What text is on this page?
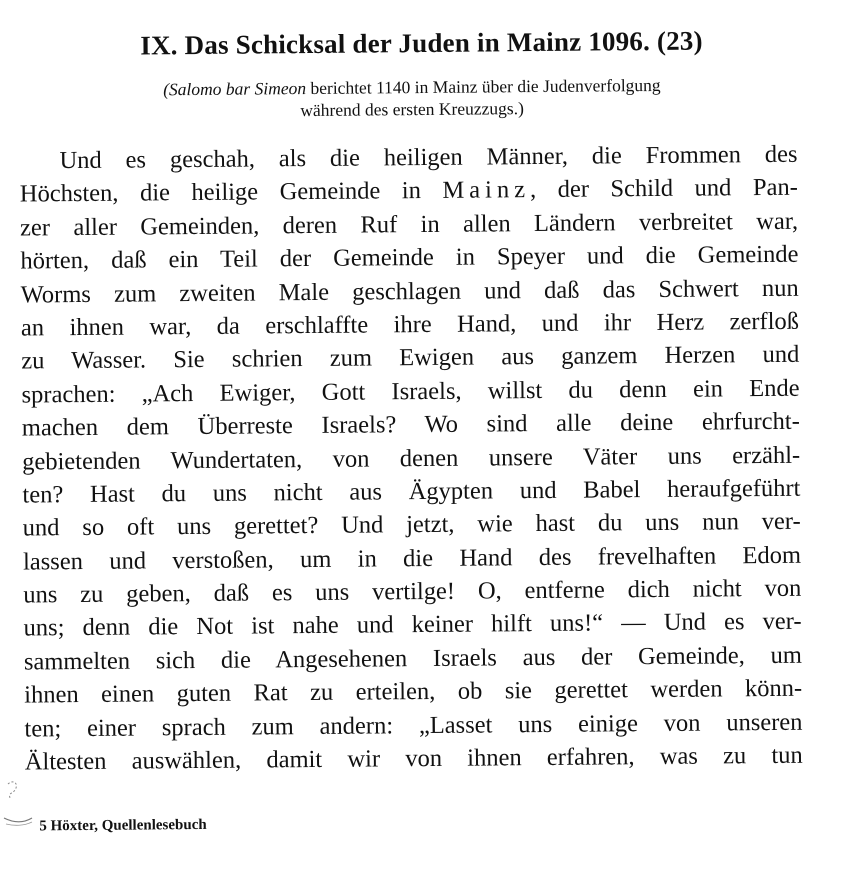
IX. Das Schicksal der Juden in Mainz 1096. (23)
(Salomo bar Simeon berichtet 1140 in Mainz über die Judenverfolgung
während des ersten Kreuzzugs.)
Und es geschah, als die heiligen Männer, die Frommen des
Höchsten, die heilige Gemeinde in Mainz, der Schild und Pan-
zer aller Gemeinden, deren Ruf in allen Ländern verbreitet war,
hörten, daß ein Teil der Gemeinde in Speyer und die Gemeinde
Worms zum zweiten Male geschlagen und daß das Schwert nun
an ihnen war, da erschlaffte ihre Hand, und ihr Herz zerfloß
zu Wasser. Sie schrien zum Ewigen aus ganzem Herzen und
sprachen: „Ach Ewiger, Gott Israels, willst du denn ein Ende
machen dem Überreste Israels? Wo sind alle deine ehrfurcht-
gebietenden Wundertaten, von denen unsere Väter uns erzähl-
ten? Hast du uns nicht aus Ägypten und Babel heraufgeführt
und so oft uns gerettet? Und jetzt, wie hast du uns nun ver-
lassen und verstoßen, um in die Hand des frevelhaften Edom
uns zu geben, daß es uns vertilge! O, entferne dich nicht von
uns; denn die Not ist nahe und keiner hilft uns!“ — Und es ver-
sammelten sich die Angesehenen Israels aus der Gemeinde, um
ihnen einen guten Rat zu erteilen, ob sie gerettet werden könn-
ten; einer sprach zum andern: „Lasset uns einige von unseren
Ältesten auswählen, damit wir von ihnen erfahren, was zu tun
5 Höxter, Quellenlesebuch
